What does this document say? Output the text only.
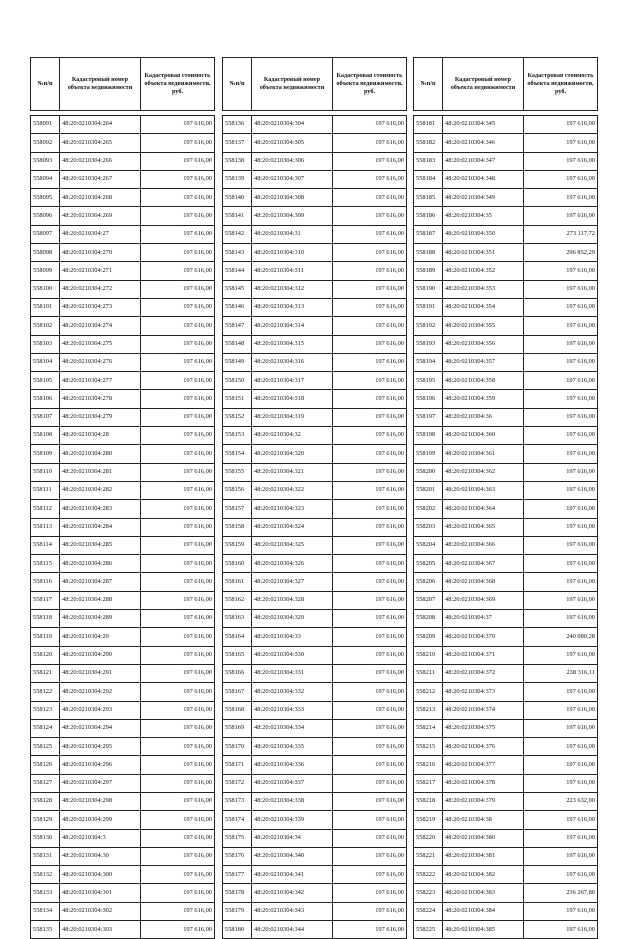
№п/п	Кадастровый номер объекта недвижимости	Кадастровая стоимость объекта недвижимости, руб.

558091	48:20:0210304:264	197 616,00
558092	48:20:0210304:265	197 616,00
558093	48:20:0210304:266	197 616,00
558094	48:20:0210304:267	197 616,00
558095	48:20:0210304:268	197 616,00
558096	48:20:0210304:269	197 616,00
558097	48:20:0210304:27	197 616,00
558098	48:20:0210304:270	197 616,00
558099	48:20:0210304:271	197 616,00
558100	48:20:0210304:272	197 616,00
558101	48:20:0210304:273	197 616,00
558102	48:20:0210304:274	197 616,00
558103	48:20:0210304:275	197 616,00
558104	48:20:0210304:276	197 616,00
558105	48:20:0210304:277	197 616,00
558106	48:20:0210304:278	197 616,00
558107	48:20:0210304:279	197 616,00
558108	48:20:0210304:28	197 616,00
558109	48:20:0210304:280	197 616,00
558110	48:20:0210304:281	197 616,00
558111	48:20:0210304:282	197 616,00
558112	48:20:0210304:283	197 616,00
558113	48:20:0210304:284	197 616,00
558114	48:20:0210304:285	197 616,00
558115	48:20:0210304:286	197 616,00
558116	48:20:0210304:287	197 616,00
558117	48:20:0210304:288	197 616,00
558118	48:20:0210304:289	197 616,00
558119	48:20:0210304:29	197 616,00
558120	48:20:0210304:290	197 616,00
558121	48:20:0210304:291	197 616,00
558122	48:20:0210304:292	197 616,00
558123	48:20:0210304:293	197 616,00
558124	48:20:0210304:294	197 616,00
558125	48:20:0210304:295	197 616,00
558126	48:20:0210304:296	197 616,00
558127	48:20:0210304:297	197 616,00
558128	48:20:0210304:298	197 616,00
558129	48:20:0210304:299	197 616,00
558130	48:20:0210304:3	197 616,00
558131	48:20:0210304:30	197 616,00
558132	48:20:0210304:300	197 616,00
558133	48:20:0210304:301	197 616,00
558134	48:20:0210304:302	197 616,00
558135	48:20:0210304:303	197 616,00
№п/п	Кадастровый номер объекта недвижимости	Кадастровая стоимость объекта недвижимости, руб.

558136	48:20:0210304:304	197 616,00
558137	48:20:0210304:305	197 616,00
558138	48:20:0210304:306	197 616,00
558139	48:20:0210304:307	197 616,00
558140	48:20:0210304:308	197 616,00
558141	48:20:0210304:309	197 616,00
558142	48:20:0210304:31	197 616,00
558143	48:20:0210304:310	197 616,00
558144	48:20:0210304:311	197 616,00
558145	48:20:0210304:312	197 616,00
558146	48:20:0210304:313	197 616,00
558147	48:20:0210304:314	197 616,00
558148	48:20:0210304:315	197 616,00
558149	48:20:0210304:316	197 616,00
558150	48:20:0210304:317	197 616,00
558151	48:20:0210304:318	197 616,00
558152	48:20:0210304:319	197 616,00
558153	48:20:0210304:32	197 616,00
558154	48:20:0210304:320	197 616,00
558155	48:20:0210304:321	197 616,00
558156	48:20:0210304:322	197 616,00
558157	48:20:0210304:323	197 616,00
558158	48:20:0210304:324	197 616,00
558159	48:20:0210304:325	197 616,00
558160	48:20:0210304:326	197 616,00
558161	48:20:0210304:327	197 616,00
558162	48:20:0210304:328	197 616,00
558163	48:20:0210304:329	197 616,00
558164	48:20:0210304:33	197 616,00
558165	48:20:0210304:330	197 616,00
558166	48:20:0210304:331	197 616,00
558167	48:20:0210304:332	197 616,00
558168	48:20:0210304:333	197 616,00
558169	48:20:0210304:334	197 616,00
558170	48:20:0210304:335	197 616,00
558171	48:20:0210304:336	197 616,00
558172	48:20:0210304:337	197 616,00
558173	48:20:0210304:338	197 616,00
558174	48:20:0210304:339	197 616,00
558175	48:20:0210304:34	197 616,00
558176	48:20:0210304:340	197 616,00
558177	48:20:0210304:341	197 616,00
558178	48:20:0210304:342	197 616,00
558179	48:20:0210304:343	197 616,00
558180	48:20:0210304:344	197 616,00
№п/п	Кадастровый номер объекта недвижимости	Кадастровая стоимость объекта недвижимости, руб.

558181	48:20:0210304:345	197 616,00
558182	48:20:0210304:346	197 616,00
558183	48:20:0210304:347	197 616,00
558184	48:20:0210304:348	197 616,00
558185	48:20:0210304:349	197 616,00
558186	48:20:0210304:35	197 616,00
558187	48:20:0210304:350	273 117,72
558188	48:20:0210304:351	296 852,29
558189	48:20:0210304:352	197 616,00
558190	48:20:0210304:353	197 616,00
558191	48:20:0210304:354	197 616,00
558192	48:20:0210304:355	197 616,00
558193	48:20:0210304:356	197 616,00
558194	48:20:0210304:357	197 616,00
558195	48:20:0210304:358	197 616,00
558196	48:20:0210304:359	197 616,00
558197	48:20:0210304:36	197 616,00
558198	48:20:0210304:360	197 616,00
558199	48:20:0210304:361	197 616,00
558200	48:20:0210304:362	197 616,00
558201	48:20:0210304:363	197 616,00
558202	48:20:0210304:364	197 616,00
558203	48:20:0210304:365	197 616,00
558204	48:20:0210304:366	197 616,00
558205	48:20:0210304:367	197 616,00
558206	48:20:0210304:368	197 616,00
558207	48:20:0210304:369	197 616,00
558208	48:20:0210304:37	197 616,00
558209	48:20:0210304:370	240 080,28
558210	48:20:0210304:371	197 616,00
558211	48:20:0210304:372	238 316,11
558212	48:20:0210304:373	197 616,00
558213	48:20:0210304:374	197 616,00
558214	48:20:0210304:375	197 616,00
558215	48:20:0210304:376	197 616,00
558216	48:20:0210304:377	197 616,00
558217	48:20:0210304:378	197 616,00
558218	48:20:0210304:379	223 632,00
558219	48:20:0210304:38	197 616,00
558220	48:20:0210304:380	197 616,00
558221	48:20:0210304:381	197 616,00
558222	48:20:0210304:382	197 616,00
558223	48:20:0210304:383	236 267,80
558224	48:20:0210304:384	197 616,00
558225	48:20:0210304:385	197 616,00
